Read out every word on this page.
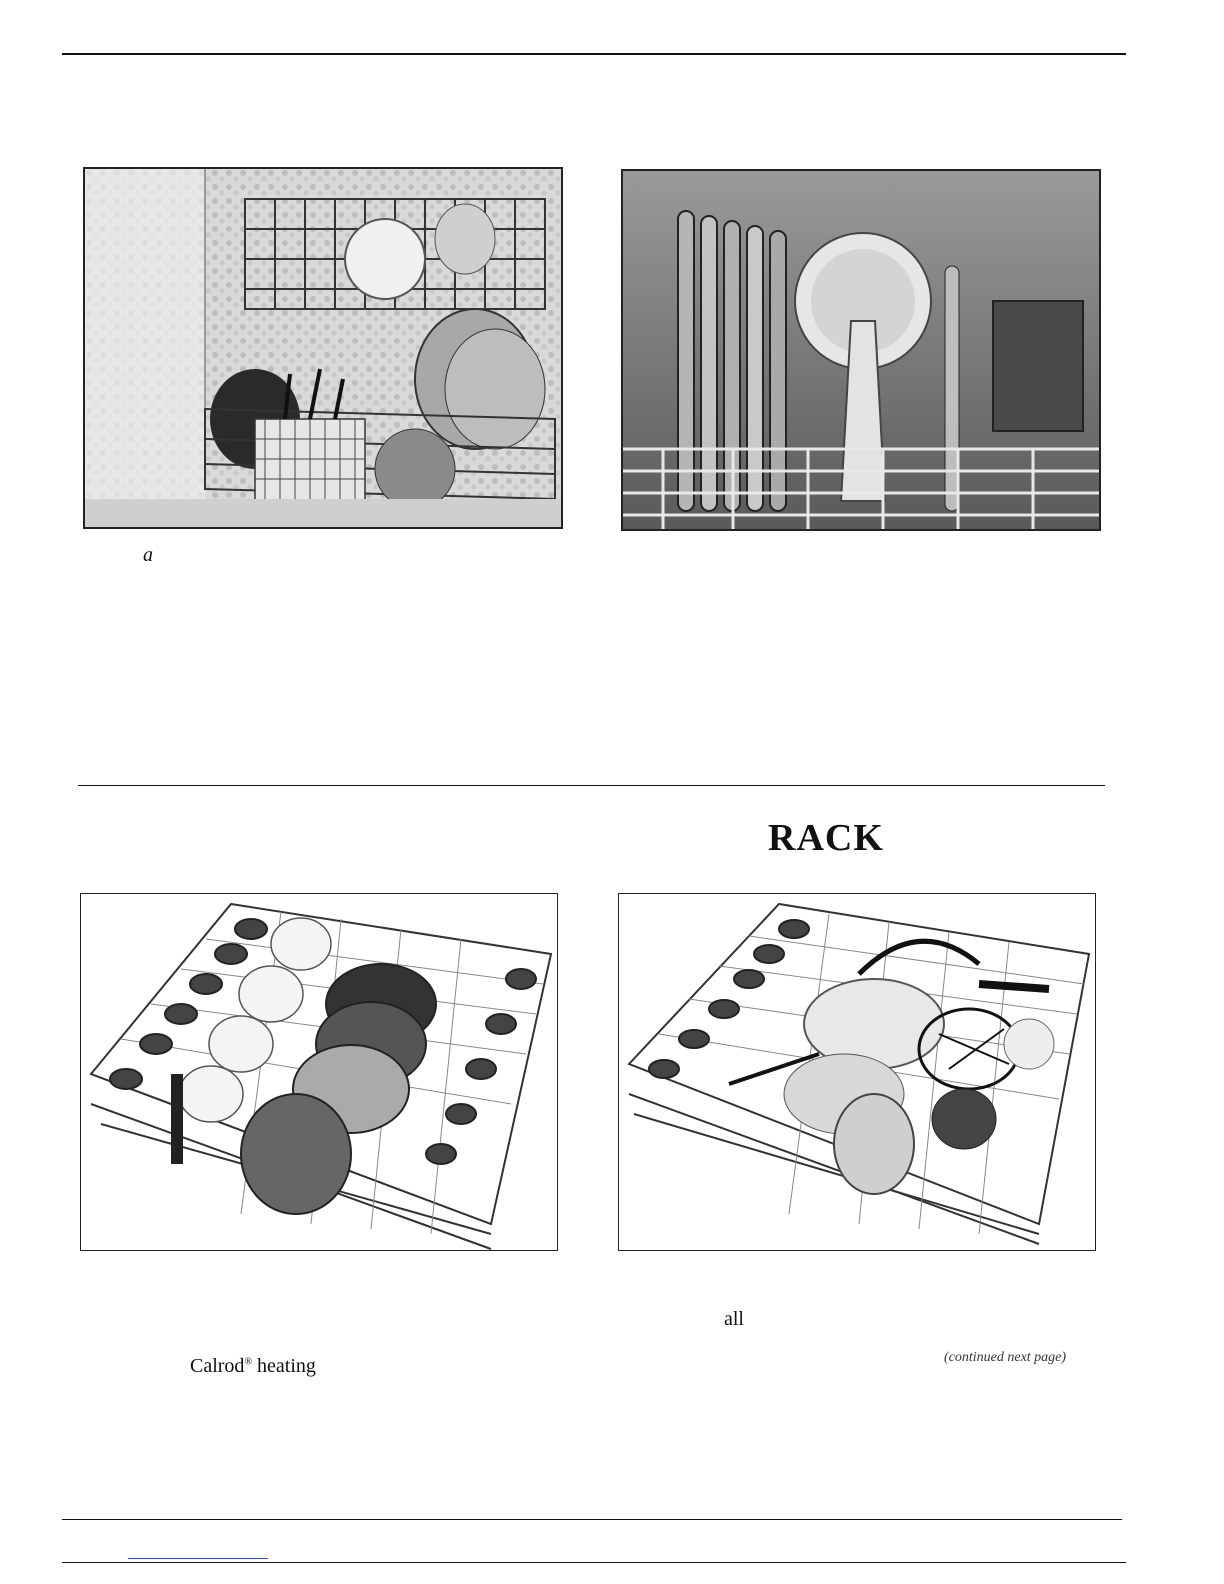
a
RACK
Calrod® heating
all
(continued next page)
